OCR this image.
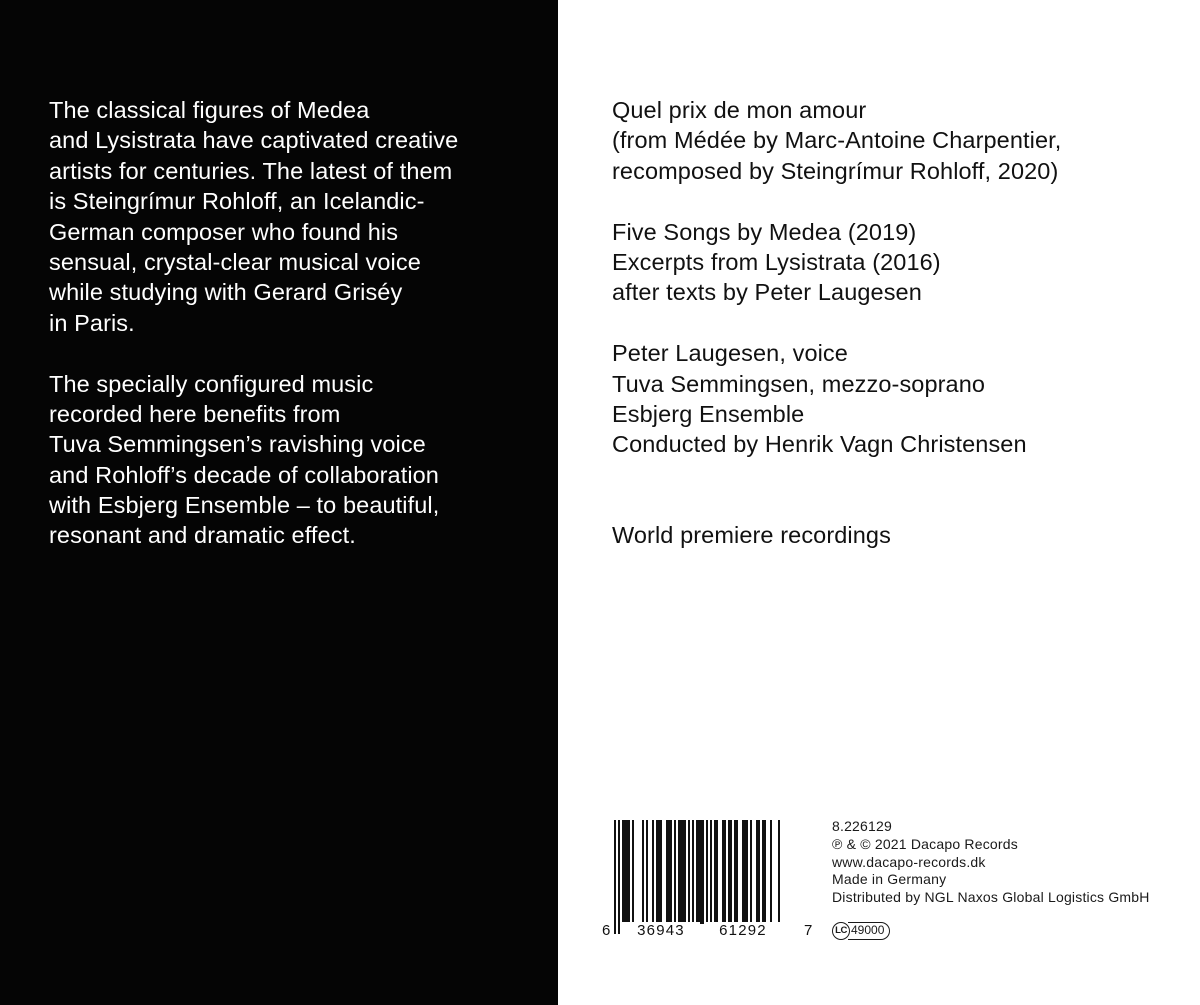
The classical figures of Medea
and Lysistrata have captivated creative
artists for centuries. The latest of them
is Steingrímur Rohloff, an Icelandic-
German composer who found his
sensual, crystal-clear musical voice
while studying with Gerard Griséy
in Paris.
The specially configured music
recorded here benefits from
Tuva Semmingsen’s ravishing voice
and Rohloff’s decade of collaboration
with Esbjerg Ensemble – to beautiful,
resonant and dramatic effect.
Quel prix de mon amour
(from Médée by Marc-Antoine Charpentier,
recomposed by Steingrímur Rohloff, 2020)
Five Songs by Medea (2019)
Excerpts from Lysistrata (2016)
after texts by Peter Laugesen
Peter Laugesen, voice
Tuva Semmingsen, mezzo-soprano
Esbjerg Ensemble
Conducted by Henrik Vagn Christensen
World premiere recordings
6	36943	61292	7
8.226129
℗ & © 2021 Dacapo Records
www.dacapo-records.dk
Made in Germany
Distributed by NGL Naxos Global Logistics GmbH
LC 49000
